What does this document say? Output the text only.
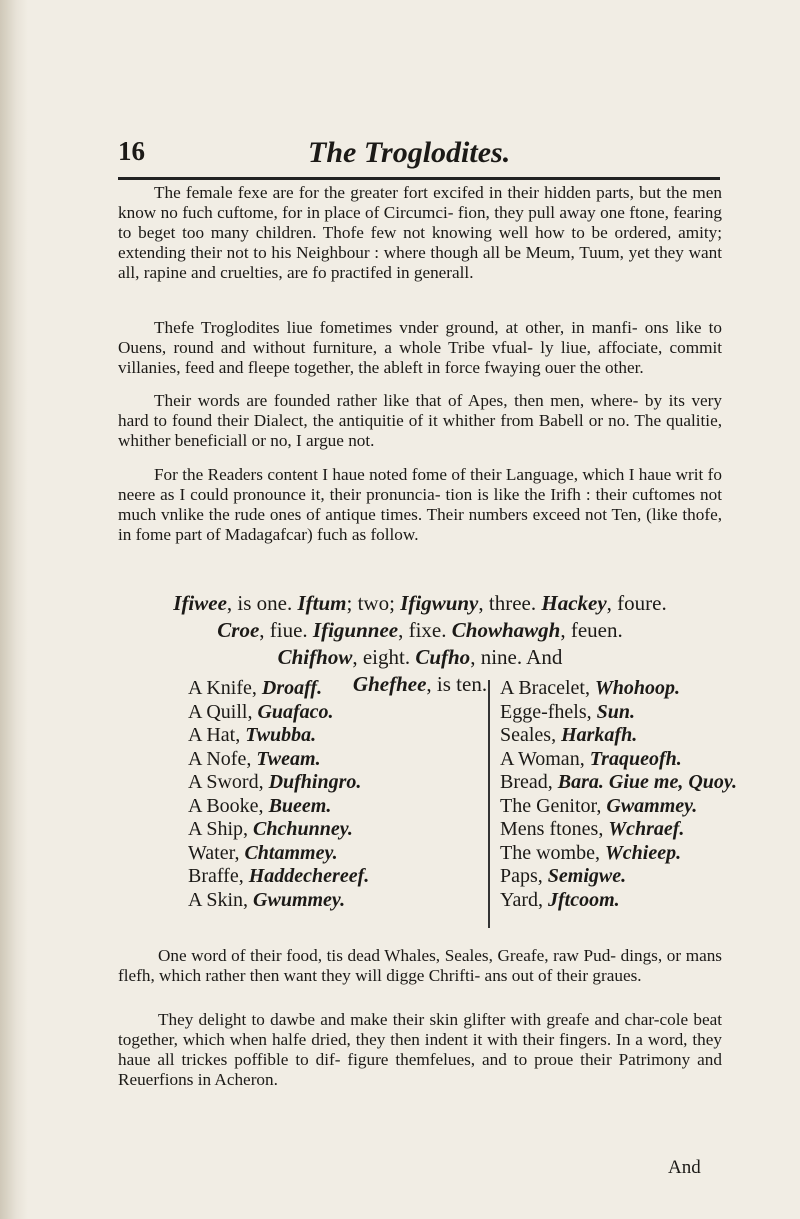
16	The Troglodites.

The female fexe are for the greater fort excifed in their hidden parts, but the men know no fuch cuftome, for in place of Circumci- fion, they pull away one ftone, fearing to beget too many children. Thofe few not knowing well how to be ordered, amity; extending their not to his Neighbour : where though all be Meum, Tuum, yet they want all, rapine and cruelties, are fo practifed in generall.

Thefe Troglodites liue fometimes vnder ground, at other, in manfi- ons like to Ouens, round and without furniture, a whole Tribe vfual- ly liue, affociate, commit villanies, feed and fleepe together, the ableft in force fwaying ouer the other.

Their words are founded rather like that of Apes, then men, where- by its very hard to found their Dialect, the antiquitie of it whither from Babell or no. The qualitie, whither beneficiall or no, I argue not.

For the Readers content I haue noted fome of their Language, which I haue writ fo neere as I could pronounce it, their pronuncia- tion is like the Irifh : their cuftomes not much vnlike the rude ones of antique times. Their numbers exceed not Ten, (like thofe, in fome part of Madagafcar) fuch as follow.

Ifiwee, is one. Iftum; two; Ifigwuny, three. Hackey, foure.
Croe, fiue. Ifigunnee, fixe. Chowhawgh, feuen.
Chifhow, eight. Cufho, nine. And
Ghefhee, is ten.
A Knife, Droaff.
A Quill, Guafaco.
A Hat, Twubba.
A Nofe, Tweam.
A Sword, Dufhingro.
A Booke, Bueem.
A Ship, Chchunney.
Water, Chtammey.
Braffe, Haddechereef.
A Skin, Gwummey.
A Bracelet, Whohoop.
Egge-fhels, Sun.
Seales, Harkafh.
A Woman, Traqueofh.
Bread, Bara. Giue me, Quoy.
The Genitor, Gwammey.
Mens ftones, Wchraef.
The wombe, Wchieep.
Paps, Semigwe.
Yard, Jftcoom.

One word of their food, tis dead Whales, Seales, Greafe, raw Pud- dings, or mans flefh, which rather then want they will digge Chrifti- ans out of their graues.

They delight to dawbe and make their skin glifter with greafe and char-cole beat together, which when halfe dried, they then indent it with their fingers. In a word, they haue all trickes poffible to dif- figure themfelues, and to proue their Patrimony and Reuerfions in Acheron.

And
